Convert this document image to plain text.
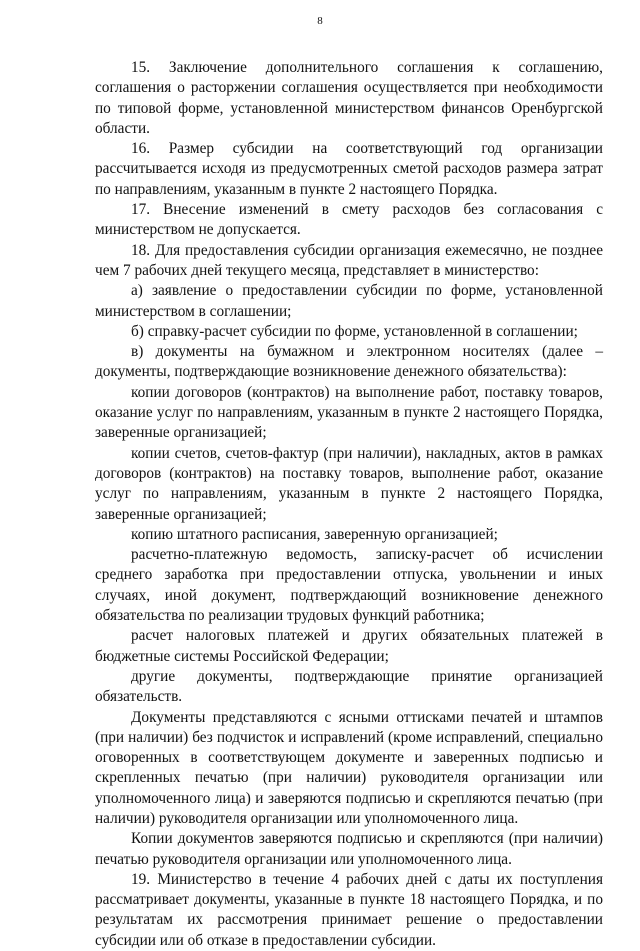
8

15. Заключение дополнительного соглашения к соглашению, соглашения о расторжении соглашения осуществляется при необходимости по типовой форме, установленной министерством финансов Оренбургской области.

16. Размер субсидии на соответствующий год организации рассчитывается исходя из предусмотренных сметой расходов размера затрат по направлениям, указанным в пункте 2 настоящего Порядка.

17. Внесение изменений в смету расходов без согласования с министерством не допускается.

18. Для предоставления субсидии организация ежемесячно, не позднее чем 7 рабочих дней текущего месяца, представляет в министерство:

а) заявление о предоставлении субсидии по форме, установленной министерством в соглашении;

б) справку-расчет субсидии по форме, установленной в соглашении;

в) документы на бумажном и электронном носителях (далее – документы, подтверждающие возникновение денежного обязательства):

копии договоров (контрактов) на выполнение работ, поставку товаров, оказание услуг по направлениям, указанным в пункте 2 настоящего Порядка, заверенные организацией;

копии счетов, счетов-фактур (при наличии), накладных, актов в рамках договоров (контрактов) на поставку товаров, выполнение работ, оказание услуг по направлениям, указанным в пункте 2 настоящего Порядка, заверенные организацией;

копию штатного расписания, заверенную организацией;

расчетно-платежную ведомость, записку-расчет об исчислении среднего заработка при предоставлении отпуска, увольнении и иных случаях, иной документ, подтверждающий возникновение денежного обязательства по реализации трудовых функций работника;

расчет налоговых платежей и других обязательных платежей в бюджетные системы Российской Федерации;

другие документы, подтверждающие принятие организацией обязательств.

Документы представляются с ясными оттисками печатей и штампов (при наличии) без подчисток и исправлений (кроме исправлений, специально оговоренных в соответствующем документе и заверенных подписью и скрепленных печатью (при наличии) руководителя организации или уполномоченного лица) и заверяются подписью и скрепляются печатью (при наличии) руководителя организации или уполномоченного лица.

Копии документов заверяются подписью и скрепляются (при наличии) печатью руководителя организации или уполномоченного лица.

19. Министерство в течение 4 рабочих дней с даты их поступления рассматривает документы, указанные в пункте 18 настоящего Порядка, и по результатам их рассмотрения принимает решение о предоставлении субсидии или об отказе в предоставлении субсидии.
